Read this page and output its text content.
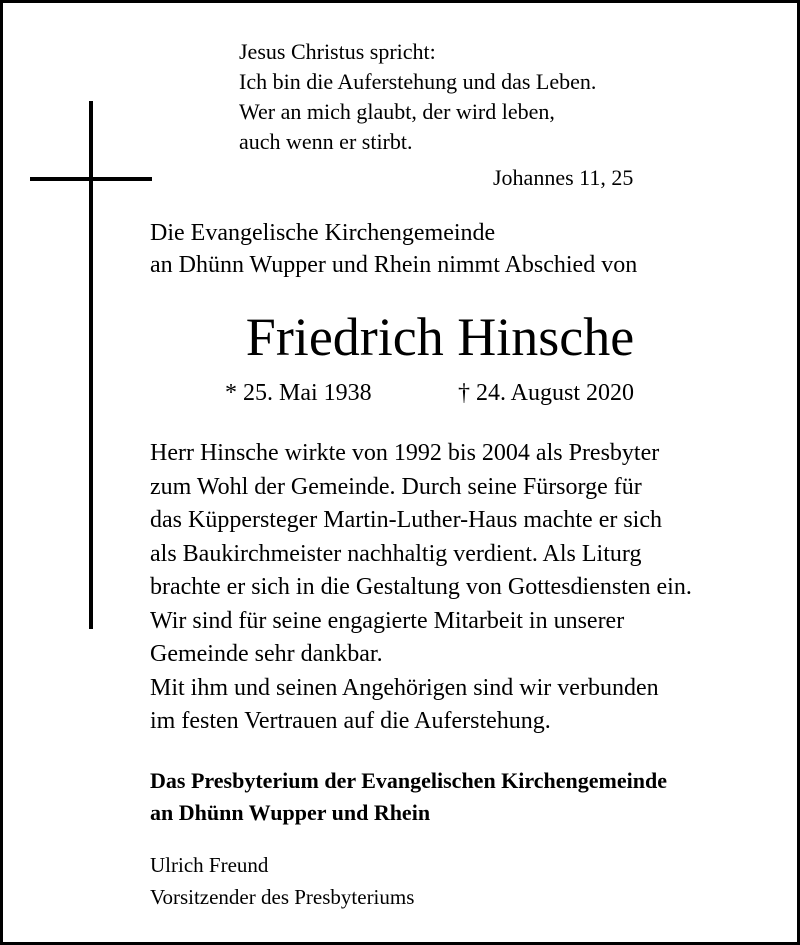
Jesus Christus spricht:
Ich bin die Auferstehung und das Leben.
Wer an mich glaubt, der wird leben,
auch wenn er stirbt.
Johannes 11, 25
Die Evangelische Kirchengemeinde
an Dhünn Wupper und Rhein nimmt Abschied von
Friedrich Hinsche
* 25. Mai 1938	† 24. August 2020
Herr Hinsche wirkte von 1992 bis 2004 als Presbyter
zum Wohl der Gemeinde. Durch seine Fürsorge für
das Küppersteger Martin-Luther-Haus machte er sich
als Baukirchmeister nachhaltig verdient. Als Liturg
brachte er sich in die Gestaltung von Gottesdiensten ein.
Wir sind für seine engagierte Mitarbeit in unserer
Gemeinde sehr dankbar.
Mit ihm und seinen Angehörigen sind wir verbunden
im festen Vertrauen auf die Auferstehung.
Das Presbyterium der Evangelischen Kirchengemeinde
an Dhünn Wupper und Rhein
Ulrich Freund
Vorsitzender des Presbyteriums
